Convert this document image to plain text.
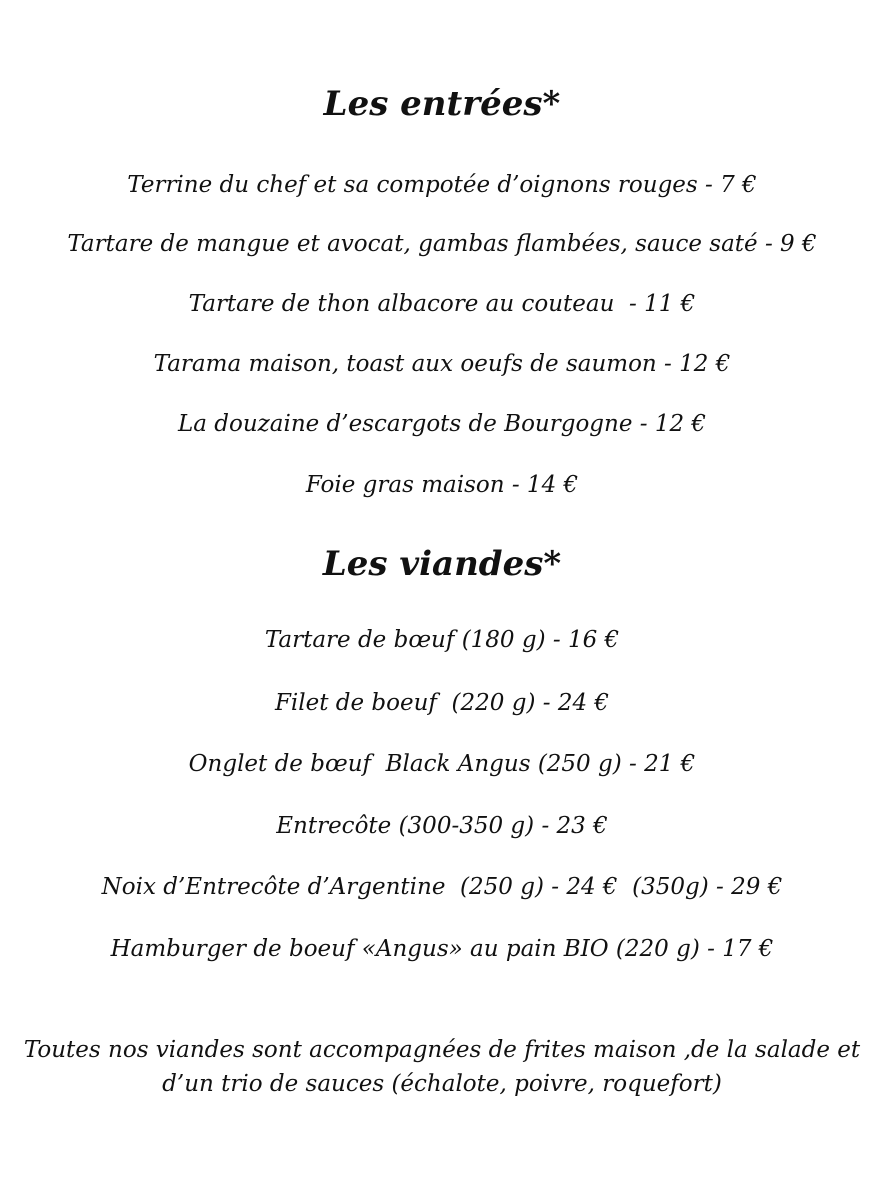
Les entrées*

Terrine du chef et sa compotée d’oignons rouges - 7 €

Tartare de mangue et avocat, gambas flambées, sauce saté - 9 €

Tartare de thon albacore au couteau  - 11 €

Tarama maison, toast aux oeufs de saumon - 12 €

La douzaine d’escargots de Bourgogne - 12 €

Foie gras maison - 14 €

Les viandes*

Tartare de bœuf (180 g) - 16 €

Filet de boeuf  (220 g) - 24 €

Onglet de bœuf  Black Angus (250 g) - 21 €

Entrecôte (300-350 g) - 23 €

Noix d’Entrecôte d’Argentine  (250 g) - 24 €  (350g) - 29 €

Hamburger de boeuf «Angus» au pain BIO (220 g) - 17 €

Toutes nos viandes sont accompagnées de frites maison ,de la salade et
d’un trio de sauces (échalote, poivre, roquefort)
